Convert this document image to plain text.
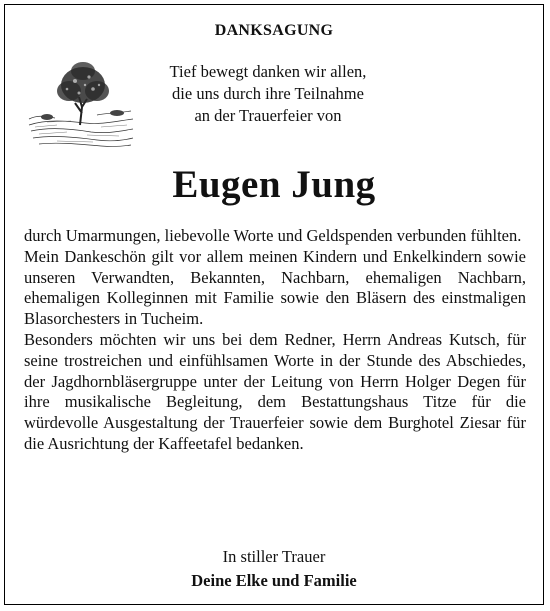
DANKSAGUNG
Tief bewegt danken wir allen,
die uns durch ihre Teilnahme
an der Trauerfeier von
Eugen Jung

durch Umarmungen, liebevolle Worte und Geldspenden verbunden fühlten.

Mein Dankeschön gilt vor allem meinen Kindern und Enkelkindern sowie unseren Verwandten, Bekannten, Nachbarn, ehemaligen Nachbarn, ehemaligen Kolleginnen mit Familie sowie den Bläsern des einstmaligen Blasorchesters in Tucheim.

Besonders möchten wir uns bei dem Redner, Herrn Andreas Kutsch, für seine trostreichen und einfühlsamen Worte in der Stunde des Abschiedes, der Jagdhornbläsergruppe unter der Leitung von Herrn Holger Degen für ihre musikalische Begleitung, dem Bestattungshaus Titze für die würdevolle Ausgestaltung der Trauerfeier sowie dem Burghotel Ziesar für die Ausrichtung der Kaffeetafel bedanken.

In stiller Trauer
Deine Elke und Familie
